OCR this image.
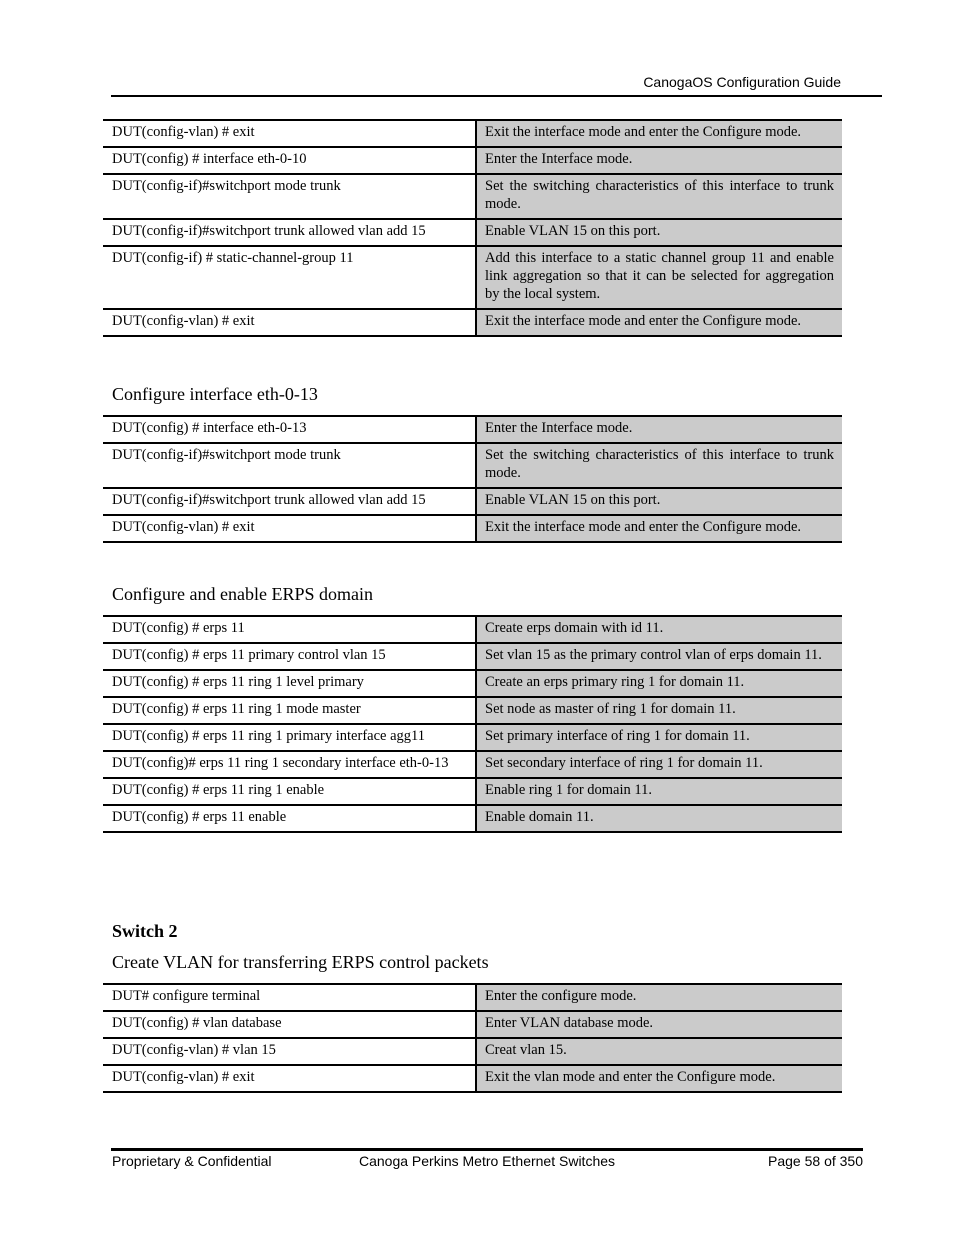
CanogaOS Configuration Guide
DUT(config-vlan) # exit	Exit the interface mode and enter the Configure mode.
DUT(config) # interface eth-0-10	Enter the Interface mode.
DUT(config-if)#switchport mode trunk	Set the switching characteristics of this interface to trunk mode.
DUT(config-if)#switchport trunk allowed vlan add 15	Enable VLAN 15 on this port.
DUT(config-if) # static-channel-group 11	Add this interface to a static channel group 11 and enable link aggregation so that it can be selected for aggregation by the local system.
DUT(config-vlan) # exit	Exit the interface mode and enter the Configure mode.
Configure interface eth-0-13
DUT(config) # interface eth-0-13	Enter the Interface mode.
DUT(config-if)#switchport mode trunk	Set the switching characteristics of this interface to trunk mode.
DUT(config-if)#switchport trunk allowed vlan add 15	Enable VLAN 15 on this port.
DUT(config-vlan) # exit	Exit the interface mode and enter the Configure mode.
Configure and enable ERPS domain
DUT(config) # erps 11	Create erps domain with id 11.
DUT(config) # erps 11 primary control vlan 15	Set vlan 15 as the primary control vlan of erps domain 11.
DUT(config) # erps 11 ring 1 level primary	Create an erps primary ring 1 for domain 11.
DUT(config) # erps 11 ring 1 mode master	Set node as master of ring 1 for domain 11.
DUT(config) # erps 11 ring 1 primary interface agg11	Set primary interface of ring 1 for domain 11.
DUT(config)# erps 11 ring 1 secondary interface eth-0-13	Set secondary interface of ring 1 for domain 11.
DUT(config) # erps 11 ring 1 enable	Enable ring 1 for domain 11.
DUT(config) # erps 11 enable	Enable domain 11.
Switch 2
Create VLAN for transferring ERPS control packets
DUT# configure terminal	Enter the configure mode.
DUT(config) # vlan database	Enter VLAN database mode.
DUT(config-vlan) # vlan 15	Creat vlan 15.
DUT(config-vlan) # exit	Exit the vlan mode and enter the Configure mode.
Proprietary & Confidential	Canoga Perkins Metro Ethernet Switches	Page 58 of 350
